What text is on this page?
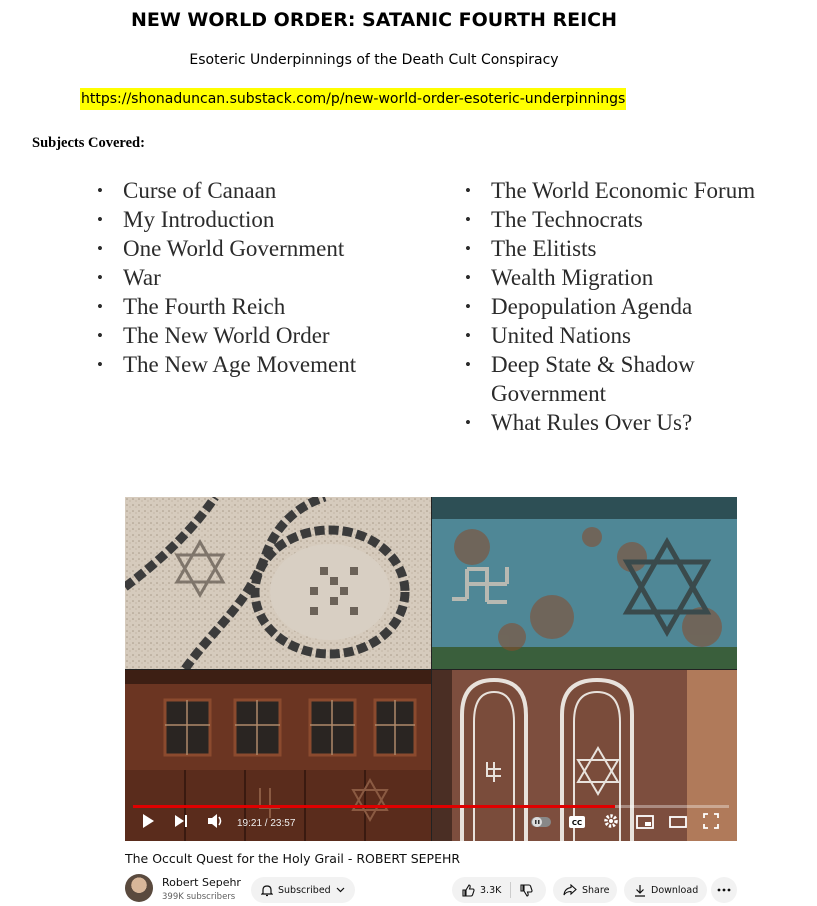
NEW WORLD ORDER: SATANIC FOURTH REICH
Esoteric Underpinnings of the Death Cult Conspiracy
https://shonaduncan.substack.com/p/new-world-order-esoteric-underpinnings
Subjects Covered:
• Curse of Canaan
• My Introduction
• One World Government
• War
• The Fourth Reich
• The New World Order
• The New Age Movement
• The World Economic Forum
• The Technocrats
• The Elitists
• Wealth Migration
• Depopulation Agenda
• United Nations
• Deep State & Shadow Government
• What Rules Over Us?
19:21 / 23:57	CC
The Occult Quest for the Holy Grail - ROBERT SEPEHR
Robert Sepehr
399K subscribers
Subscribed	3.3K	Share	Download
